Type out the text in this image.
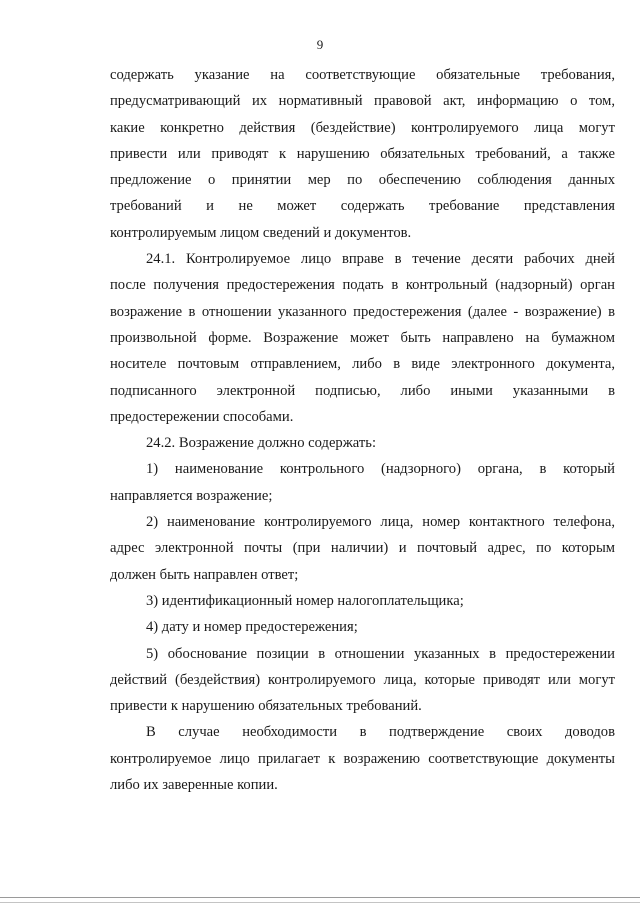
9
содержать указание на соответствующие обязательные требования,
предусматривающий их нормативный правовой акт, информацию о том,
какие конкретно действия (бездействие) контролируемого лица могут
привести или приводят к нарушению обязательных требований, а также
предложение о принятии мер по обеспечению соблюдения данных
требований и не может содержать требование представления
контролируемым лицом сведений и документов.
24.1. Контролируемое лицо вправе в течение десяти рабочих дней
после получения предостережения подать в контрольный (надзорный) орган
возражение в отношении указанного предостережения (далее - возражение) в
произвольной форме. Возражение может быть направлено на бумажном
носителе почтовым отправлением, либо в виде электронного документа,
подписанного электронной подписью, либо иными указанными в
предостережении способами.
24.2. Возражение должно содержать:
1) наименование контрольного (надзорного) органа, в который
направляется возражение;
2) наименование контролируемого лица, номер контактного телефона,
адрес электронной почты (при наличии) и почтовый адрес, по которым
должен быть направлен ответ;
3) идентификационный номер налогоплательщика;
4) дату и номер предостережения;
5) обоснование позиции в отношении указанных в предостережении
действий (бездействия) контролируемого лица, которые приводят или могут
привести к нарушению обязательных требований.
В случае необходимости в подтверждение своих доводов
контролируемое лицо прилагает к возражению соответствующие документы
либо их заверенные копии.
